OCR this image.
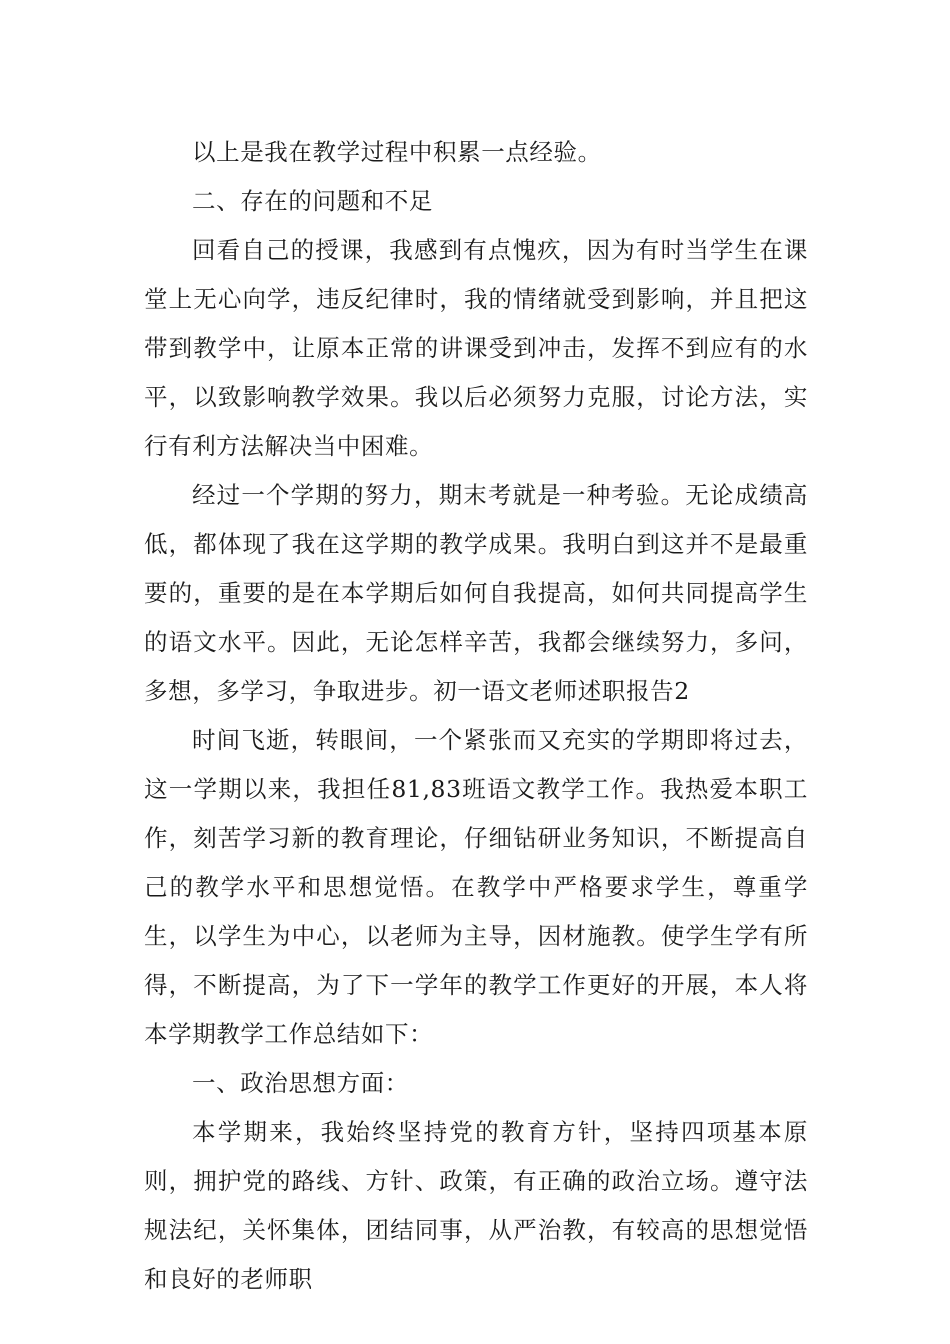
以上是我在教学过程中积累一点经验。

二、存在的问题和不足

回看自己的授课，我感到有点愧疚，因为有时当学生在课堂上无心向学，违反纪律时，我的情绪就受到影响，并且把这带到教学中，让原本正常的讲课受到冲击，发挥不到应有的水平，以致影响教学效果。我以后必须努力克服，讨论方法，实行有利方法解决当中困难。

经过一个学期的努力，期末考就是一种考验。无论成绩高低，都体现了我在这学期的教学成果。我明白到这并不是最重要的，重要的是在本学期后如何自我提高，如何共同提高学生的语文水平。因此，无论怎样辛苦，我都会继续努力，多问，多想，多学习，争取进步。初一语文老师述职报告2

时间飞逝，转眼间，一个紧张而又充实的学期即将过去，这一学期以来，我担任81,83班语文教学工作。我热爱本职工作，刻苦学习新的教育理论，仔细钻研业务知识，不断提高自己的教学水平和思想觉悟。在教学中严格要求学生，尊重学生，以学生为中心，以老师为主导，因材施教。使学生学有所得，不断提高，为了下一学年的教学工作更好的开展，本人将本学期教学工作总结如下：

一、政治思想方面：

本学期来，我始终坚持党的教育方针，坚持四项基本原则，拥护党的路线、方针、政策，有正确的政治立场。遵守法规法纪，关怀集体，团结同事，从严治教，有较高的思想觉悟和良好的老师职
